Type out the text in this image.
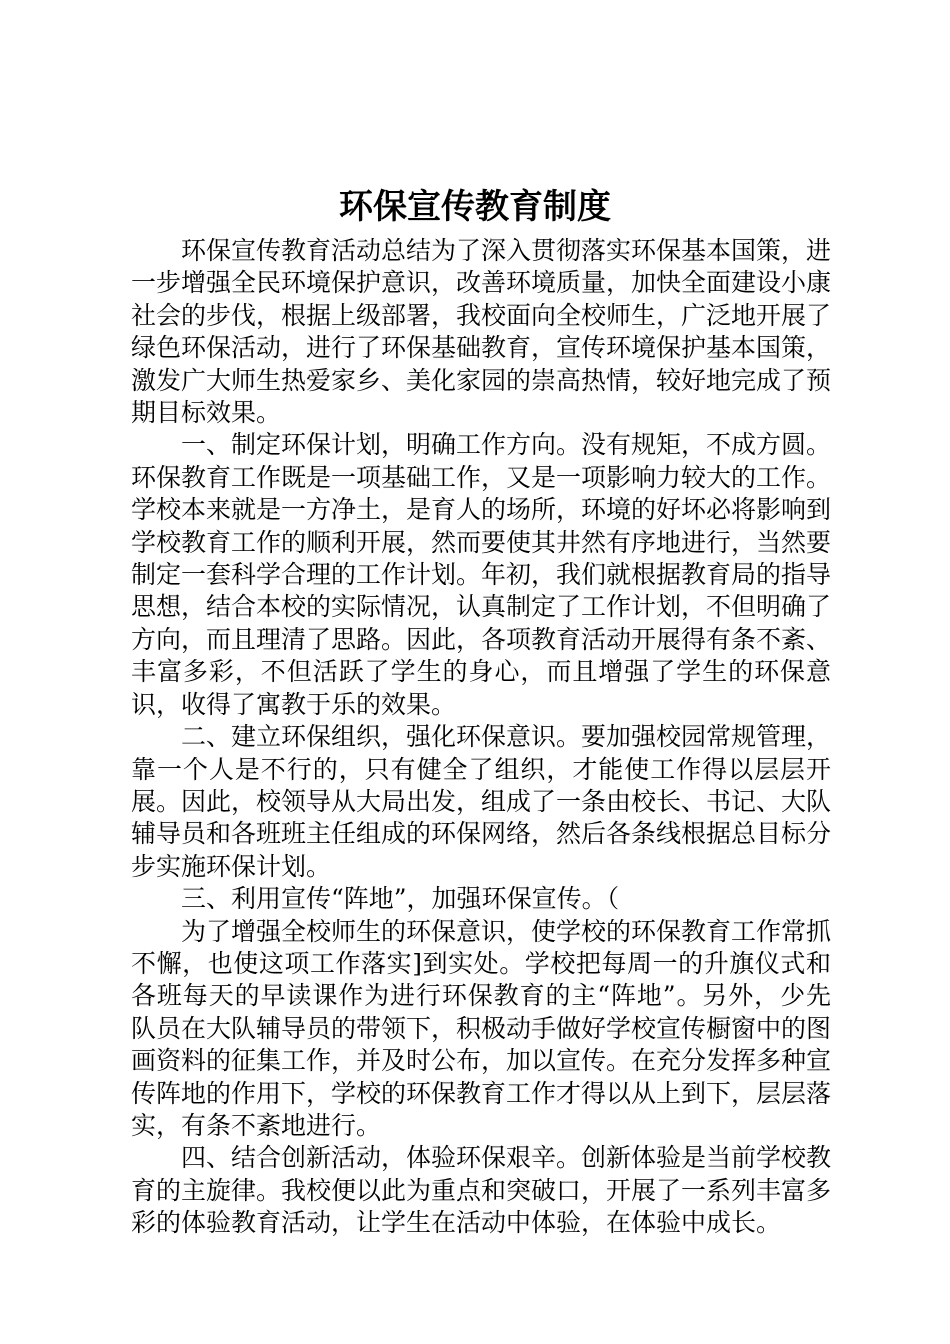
环保宣传教育制度

环保宣传教育活动总结为了深入贯彻落实环保基本国策，进一步增强全民环境保护意识，改善环境质量，加快全面建设小康社会的步伐，根据上级部署，我校面向全校师生，广泛地开展了绿色环保活动，进行了环保基础教育，宣传环境保护基本国策，激发广大师生热爱家乡、美化家园的崇高热情，较好地完成了预期目标效果。

一、制定环保计划，明确工作方向。没有规矩，不成方圆。环保教育工作既是一项基础工作，又是一项影响力较大的工作。学校本来就是一方净土，是育人的场所，环境的好坏必将影响到学校教育工作的顺利开展，然而要使其井然有序地进行，当然要制定一套科学合理的工作计划。年初，我们就根据教育局的指导思想，结合本校的实际情况，认真制定了工作计划，不但明确了方向，而且理清了思路。因此，各项教育活动开展得有条不紊、丰富多彩，不但活跃了学生的身心，而且增强了学生的环保意识，收得了寓教于乐的效果。

二、建立环保组织，强化环保意识。要加强校园常规管理，靠一个人是不行的，只有健全了组织，才能使工作得以层层开展。因此，校领导从大局出发，组成了一条由校长、书记、大队辅导员和各班班主任组成的环保网络，然后各条线根据总目标分步实施环保计划。

三、利用宣传“阵地”，加强环保宣传。（

为了增强全校师生的环保意识，使学校的环保教育工作常抓不懈，也使这项工作落实]到实处。学校把每周一的升旗仪式和各班每天的早读课作为进行环保教育的主“阵地”。另外，少先队员在大队辅导员的带领下，积极动手做好学校宣传橱窗中的图画资料的征集工作，并及时公布，加以宣传。在充分发挥多种宣传阵地的作用下，学校的环保教育工作才得以从上到下，层层落实，有条不紊地进行。

四、结合创新活动，体验环保艰辛。创新体验是当前学校教育的主旋律。我校便以此为重点和突破口，开展了一系列丰富多彩的体验教育活动，让学生在活动中体验，在体验中成长。
